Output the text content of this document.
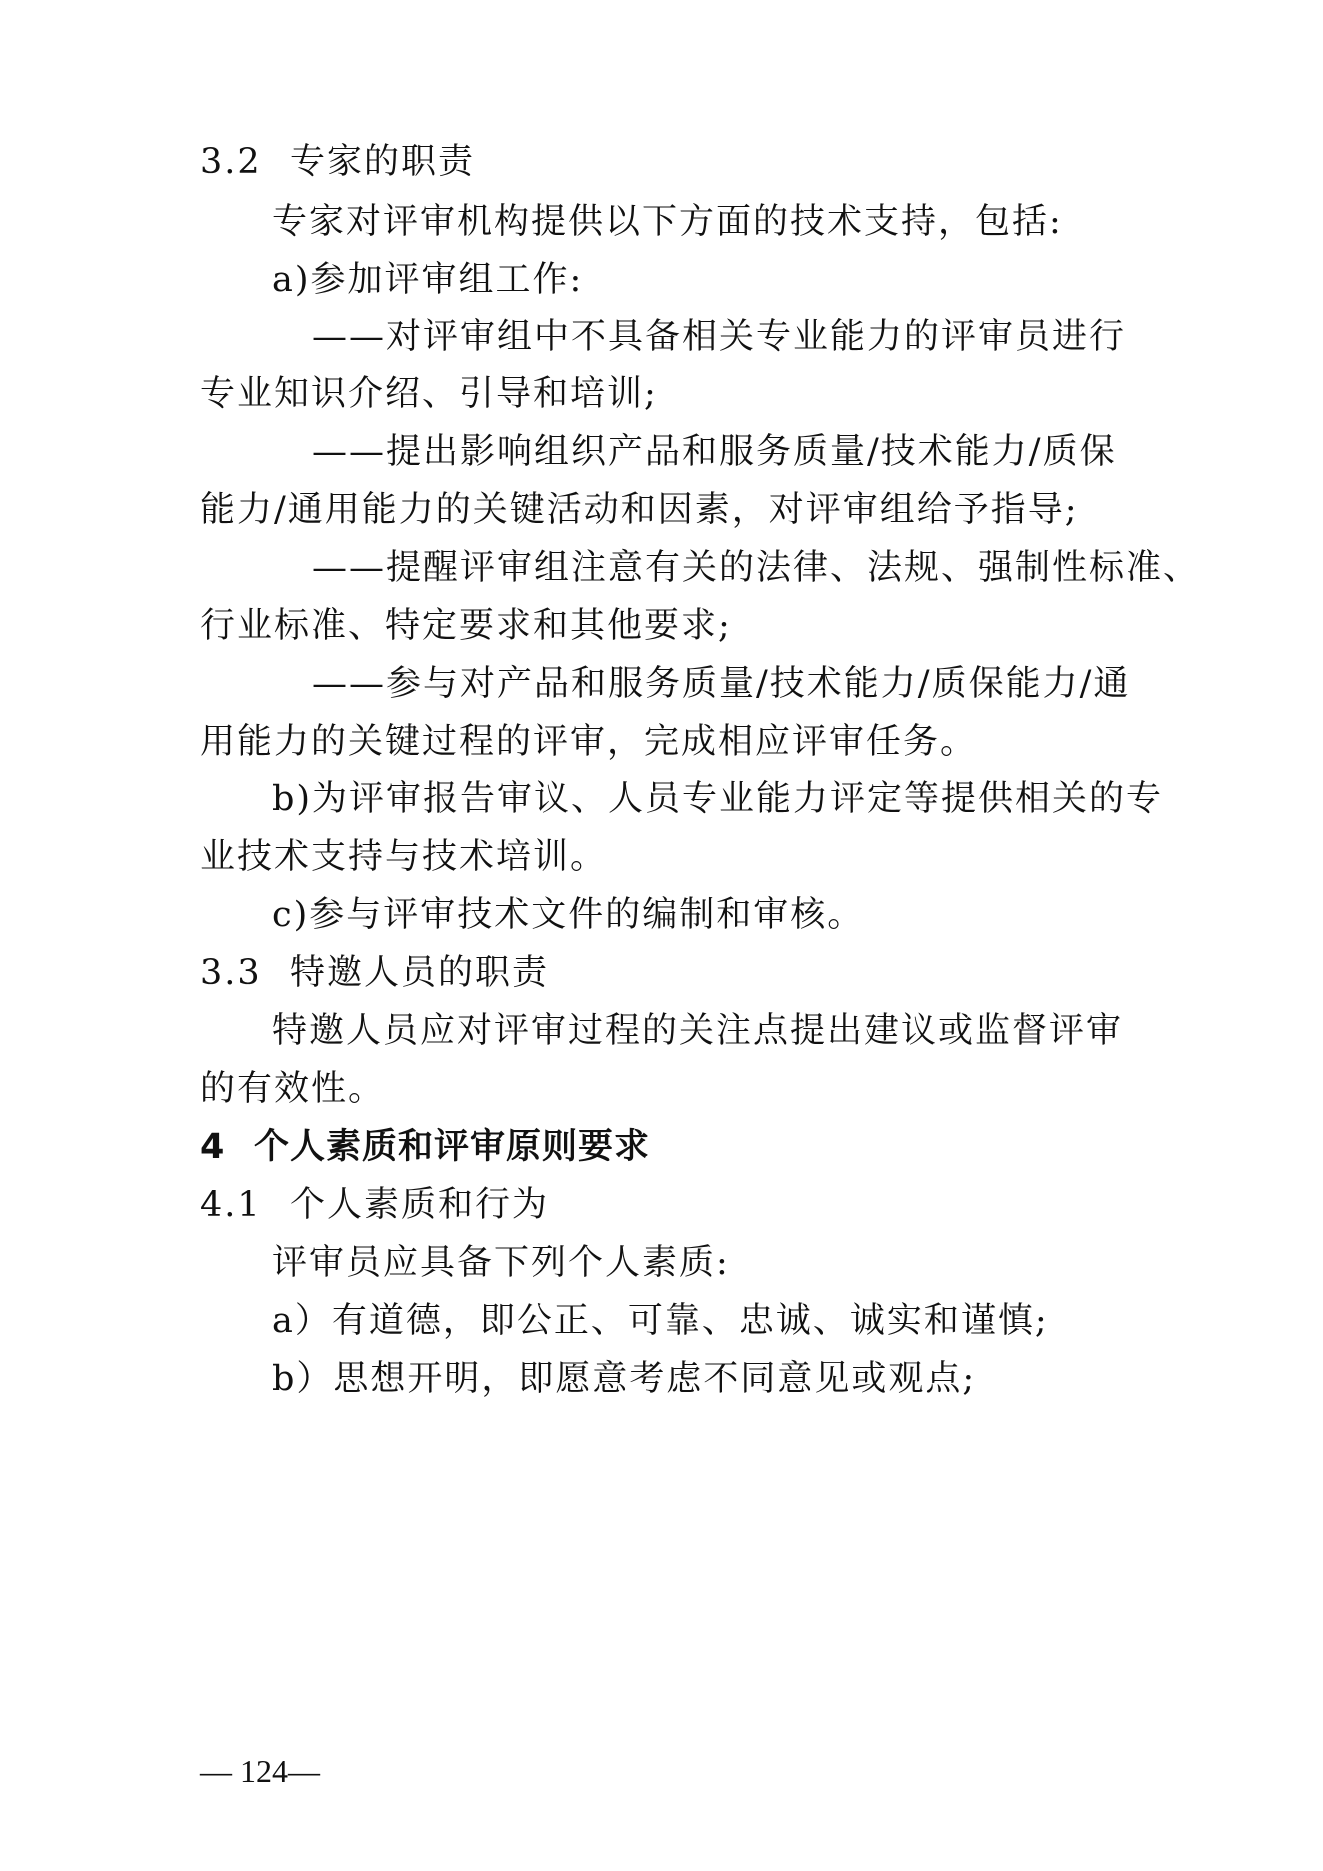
3.2 专家的职责
专家对评审机构提供以下方面的技术支持，包括:
a)参加评审组工作:
——对评审组中不具备相关专业能力的评审员进行
专业知识介绍、引导和培训;
——提出影响组织产品和服务质量/技术能力/质保
能力/通用能力的关键活动和因素，对评审组给予指导;
——提醒评审组注意有关的法律、法规、强制性标准、
行业标准、特定要求和其他要求;
——参与对产品和服务质量/技术能力/质保能力/通
用能力的关键过程的评审，完成相应评审任务。
b)为评审报告审议、人员专业能力评定等提供相关的专
业技术支持与技术培训。
c)参与评审技术文件的编制和审核。
3.3 特邀人员的职责
特邀人员应对评审过程的关注点提出建议或监督评审
的有效性。
4 个人素质和评审原则要求
4.1 个人素质和行为
评审员应具备下列个人素质:
a）有道德，即公正、可靠、忠诚、诚实和谨慎;
b）思想开明，即愿意考虑不同意见或观点;
— 124—
